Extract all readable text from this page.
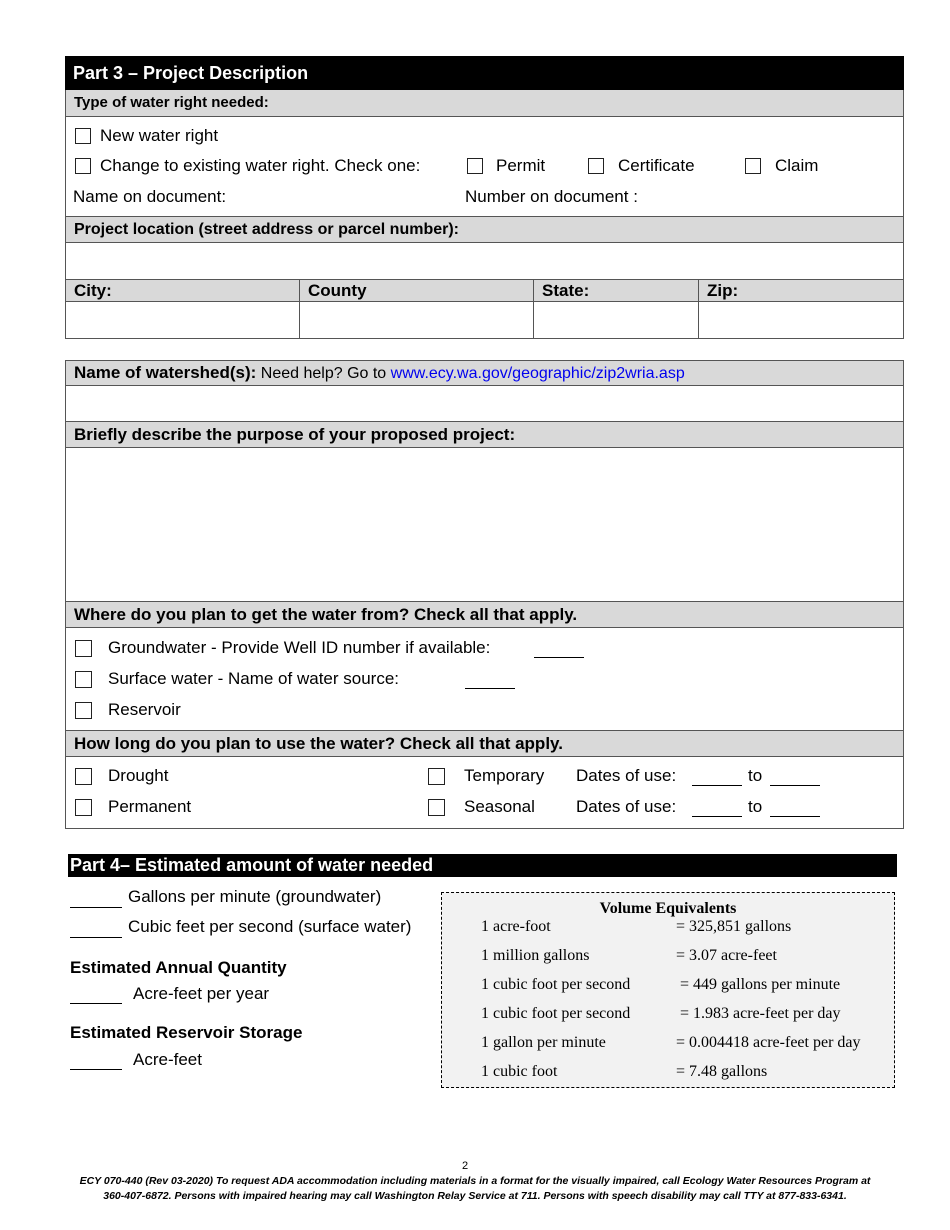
Part 3 – Project Description
Type of water right needed:
New water right
Change to existing water right. Check one:	Permit	Certificate	Claim
Name on document:	Number on document :
Project location (street address or parcel number):
City:	County	State:	Zip:
Name of watershed(s): Need help? Go to www.ecy.wa.gov/geographic/zip2wria.asp
Briefly describe the purpose of your proposed project:
Where do you plan to get the water from? Check all that apply.
Groundwater - Provide Well ID number if available:
Surface water - Name of water source:
Reservoir
How long do you plan to use the water? Check all that apply.
Drought	Temporary Dates of use:	to
Permanent	Seasonal Dates of use:	to
Part 4– Estimated amount of water needed
Gallons per minute (groundwater)
Cubic feet per second (surface water)
Estimated Annual Quantity
Acre-feet per year
Estimated Reservoir Storage
Acre-feet
Volume Equivalents
1 acre-foot	= 325,851 gallons
1 million gallons	= 3.07 acre-feet
1 cubic foot per second	= 449 gallons per minute
1 cubic foot per second	= 1.983 acre-feet per day
1 gallon per minute	= 0.004418 acre-feet per day
1 cubic foot	= 7.48 gallons
2
ECY 070-440 (Rev 03-2020) To request ADA accommodation including materials in a format for the visually impaired, call Ecology Water Resources Program at
360-407-6872. Persons with impaired hearing may call Washington Relay Service at 711. Persons with speech disability may call TTY at 877-833-6341.
